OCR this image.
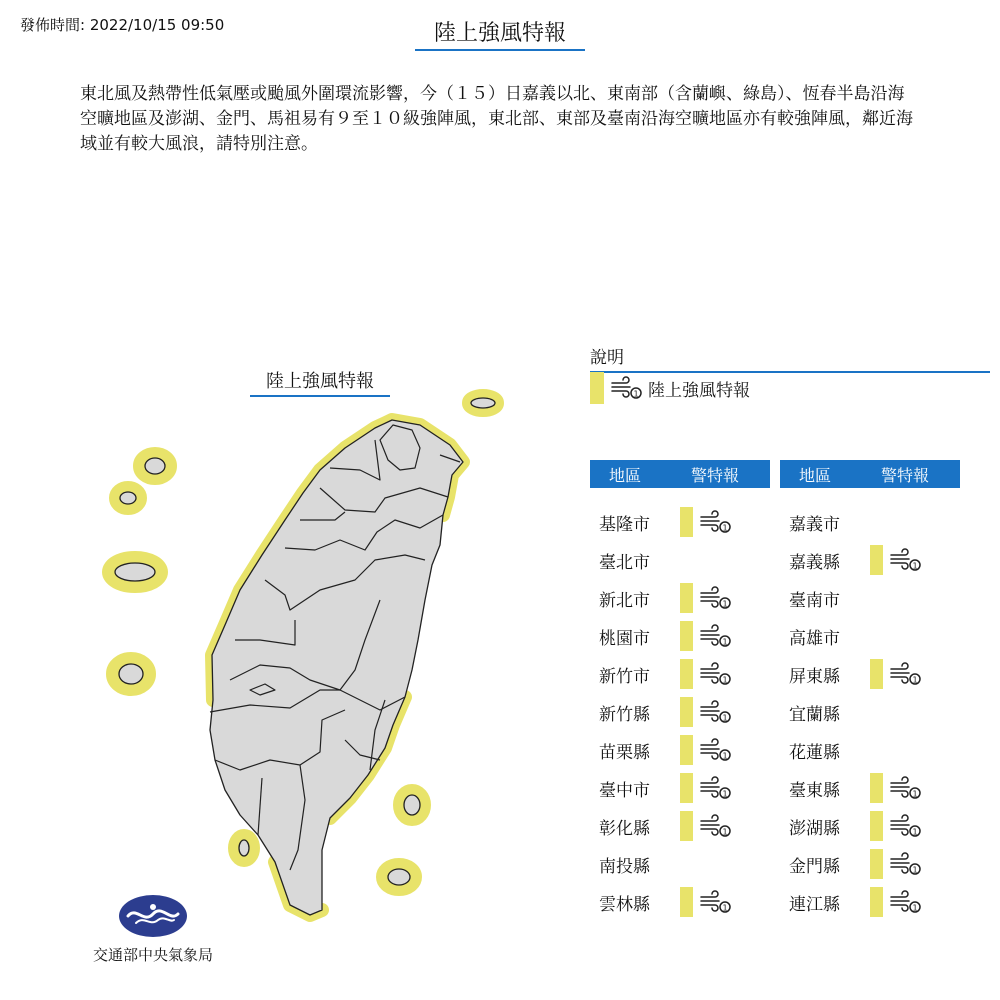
發佈時間: 2022/10/15 09:50	陸上強風特報
東北風及熱帶性低氣壓或颱風外圍環流影響，今（１５）日嘉義以北、東南部（含蘭嶼、綠島）、恆春半島沿海空曠地區及澎湖、金門、馬祖易有９至１０級強陣風，東北部、東部及臺南沿海空曠地區亦有較強陣風，鄰近海域並有較大風浪，請特別注意。
說明
1 陸上強風特報
地區	警特報
基隆市	1
臺北市
新北市	1
桃園市	1
新竹市	1
新竹縣	1
苗栗縣	1
臺中市	1
彰化縣	1
南投縣
雲林縣	1
地區	警特報
嘉義市
嘉義縣	1
臺南市
高雄市
屏東縣	1
宜蘭縣
花蓮縣
臺東縣	1
澎湖縣	1
金門縣	1
連江縣	1
陸上強風特報
交通部中央氣象局
